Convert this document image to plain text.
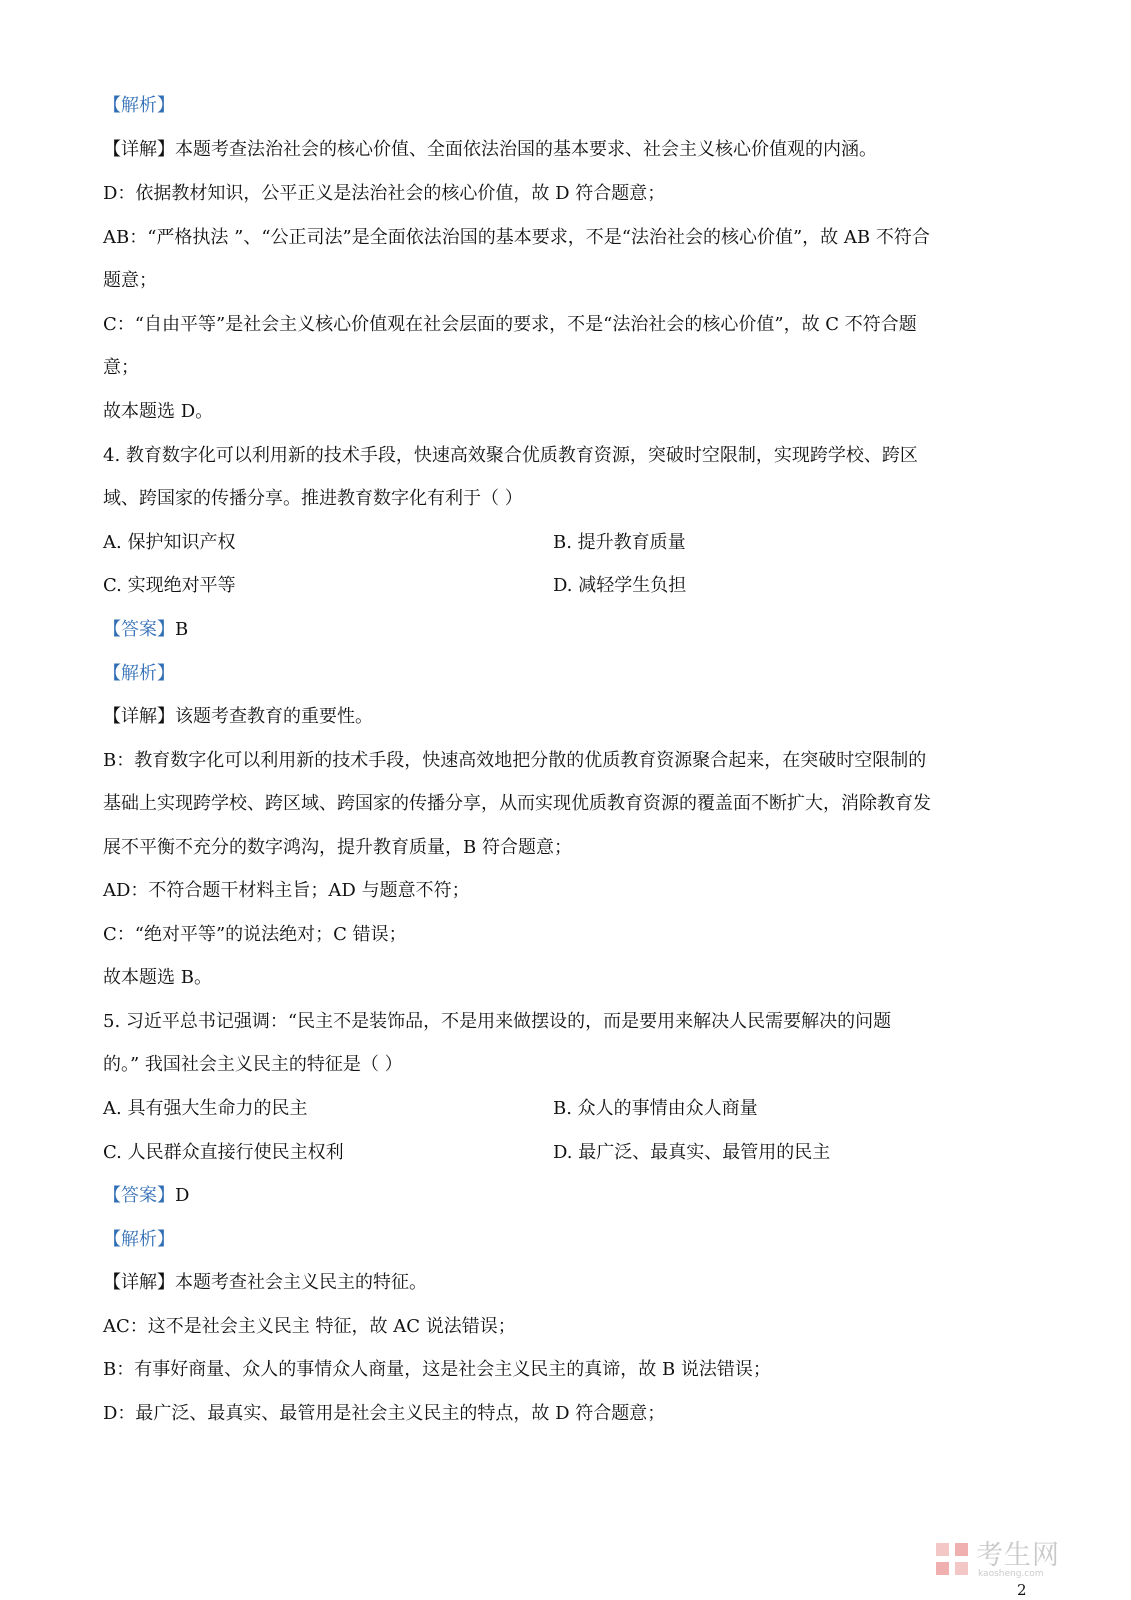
【解析】
【详解】本题考查法治社会的核心价值、全面依法治国的基本要求、社会主义核心价值观的内涵。
D：依据教材知识，公平正义是法治社会的核心价值，故 D 符合题意；
AB：“严格执法 ”、“公正司法”是全面依法治国的基本要求，不是“法治社会的核心价值”，故 AB 不符合
题意；
C：“自由平等”是社会主义核心价值观在社会层面的要求，不是“法治社会的核心价值”，故 C 不符合题
意；
故本题选 D。
4. 教育数字化可以利用新的技术手段，快速高效聚合优质教育资源，突破时空限制，实现跨学校、跨区
域、跨国家的传播分享。推进教育数字化有利于（ ）
A. 保护知识产权	B. 提升教育质量
C. 实现绝对平等	D. 减轻学生负担
【答案】B
【解析】
【详解】该题考查教育的重要性。
B：教育数字化可以利用新的技术手段，快速高效地把分散的优质教育资源聚合起来，在突破时空限制的
基础上实现跨学校、跨区域、跨国家的传播分享，从而实现优质教育资源的覆盖面不断扩大，消除教育发
展不平衡不充分的数字鸿沟，提升教育质量，B 符合题意；
AD：不符合题干材料主旨；AD 与题意不符；
C：“绝对平等”的说法绝对；C 错误；
故本题选 B。
5. 习近平总书记强调：“民主不是装饰品，不是用来做摆设的，而是要用来解决人民需要解决的问题
的。” 我国社会主义民主的特征是（ ）
A. 具有强大生命力的民主	B. 众人的事情由众人商量
C. 人民群众直接行使民主权利	D. 最广泛、最真实、最管用的民主
【答案】D
【解析】
【详解】本题考查社会主义民主的特征。
AC：这不是社会主义民主 特征，故 AC 说法错误；
B：有事好商量、众人的事情众人商量，这是社会主义民主的真谛，故 B 说法错误；
D：最广泛、最真实、最管用是社会主义民主的特点，故 D 符合题意；
考生网
kaosheng.com
2
